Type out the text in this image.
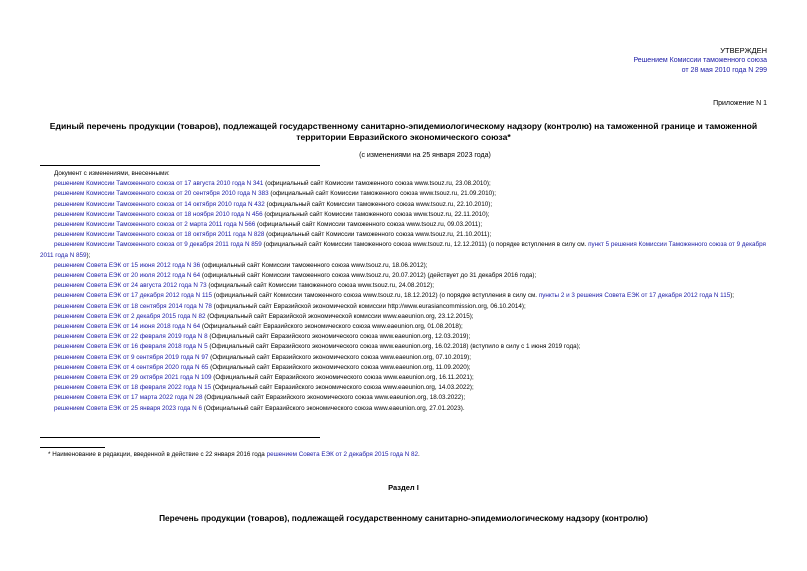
УТВЕРЖДЕН
Решением Комиссии таможенного союза
от 28 мая 2010 года N 299
Приложение N 1
Единый перечень продукции (товаров), подлежащей государственному санитарно-эпидемиологическому надзору (контролю) на таможенной границе и таможенной
территории Евразийского экономического союза*
(с изменениями на 25 января 2023 года)
Документ с изменениями, внесенными:
решением Комиссии Таможенного союза от 17 августа 2010 года N 341 (официальный сайт Комиссии таможенного союза www.tsouz.ru, 23.08.2010);
решением Комиссии Таможенного союза от 20 сентября 2010 года N 383 (официальный сайт Комиссии таможенного союза www.tsouz.ru, 21.09.2010);
решением Комиссии Таможенного союза от 14 октября 2010 года N 432 (официальный сайт Комиссии таможенного союза www.tsouz.ru, 22.10.2010);
решением Комиссии Таможенного союза от 18 ноября 2010 года N 456 (официальный сайт Комиссии таможенного союза www.tsouz.ru, 22.11.2010);
решением Комиссии Таможенного союза от 2 марта 2011 года N 566 (официальный сайт Комиссии таможенного союза www.tsouz.ru, 09.03.2011);
решением Комиссии Таможенного союза от 18 октября 2011 года N 828 (официальный сайт Комиссии таможенного союза www.tsouz.ru, 21.10.2011);
решением Комиссии Таможенного союза от 9 декабря 2011 года N 859 (официальный сайт Комиссии таможенного союза www.tsouz.ru, 12.12.2011) (о порядке вступления в силу см. пункт 5 решения Комиссии Таможенного союза от 9 декабря 2011 года N 859);
решением Совета ЕЭК от 15 июня 2012 года N 36 (официальный сайт Комиссии таможенного союза www.tsouz.ru, 18.06.2012);
решением Совета ЕЭК от 20 июля 2012 года N 64 (официальный сайт Комиссии таможенного союза www.tsouz.ru, 20.07.2012) (действует до 31 декабря 2016 года);
решением Совета ЕЭК от 24 августа 2012 года N 73 (официальный сайт Комиссии таможенного союза www.tsouz.ru, 24.08.2012);
решением Совета ЕЭК от 17 декабря 2012 года N 115 (официальный сайт Комиссии таможенного союза www.tsouz.ru, 18.12.2012) (о порядке вступления в силу см. пункты 2 и 3 решения Совета ЕЭК от 17 декабря 2012 года N 115);
решением Совета ЕЭК от 18 сентября 2014 года N 78 (официальный сайт Евразийской экономической комиссии http://www.eurasiancommission.org, 06.10.2014);
решением Совета ЕЭК от 2 декабря 2015 года N 82 (Официальный сайт Евразийской экономической комиссии www.eaeunion.org, 23.12.2015);
решением Совета ЕЭК от 14 июня 2018 года N 64 (Официальный сайт Евразийского экономического союза www.eaeunion.org, 01.08.2018);
решением Совета ЕЭК от 22 февраля 2019 года N 8 (Официальный сайт Евразийского экономического союза www.eaeunion.org, 12.03.2019);
решением Совета ЕЭК от 16 февраля 2018 года N 5 (Официальный сайт Евразийского экономического союза www.eaeunion.org, 16.02.2018) (вступило в силу с 1 июня 2019 года);
решением Совета ЕЭК от 9 сентября 2019 года N 97 (Официальный сайт Евразийского экономического союза www.eaeunion.org, 07.10.2019);
решением Совета ЕЭК от 4 сентября 2020 года N 65 (Официальный сайт Евразийского экономического союза www.eaeunion.org, 11.09.2020);
решением Совета ЕЭК от 29 октября 2021 года N 109 (Официальный сайт Евразийского экономического союза www.eaeunion.org, 16.11.2021);
решением Совета ЕЭК от 18 февраля 2022 года N 15 (Официальный сайт Евразийского экономического союза www.eaeunion.org, 14.03.2022);
решением Совета ЕЭК от 17 марта 2022 года N 28 (Официальный сайт Евразийского экономического союза www.eaeunion.org, 18.03.2022);
решением Совета ЕЭК от 25 января 2023 года N 6 (Официальный сайт Евразийского экономического союза www.eaeunion.org, 27.01.2023).
* Наименование в редакции, введенной в действие с 22 января 2016 года решением Совета ЕЭК от 2 декабря 2015 года N 82.
Раздел I
Перечень продукции (товаров), подлежащей государственному санитарно-эпидемиологическому надзору (контролю)
